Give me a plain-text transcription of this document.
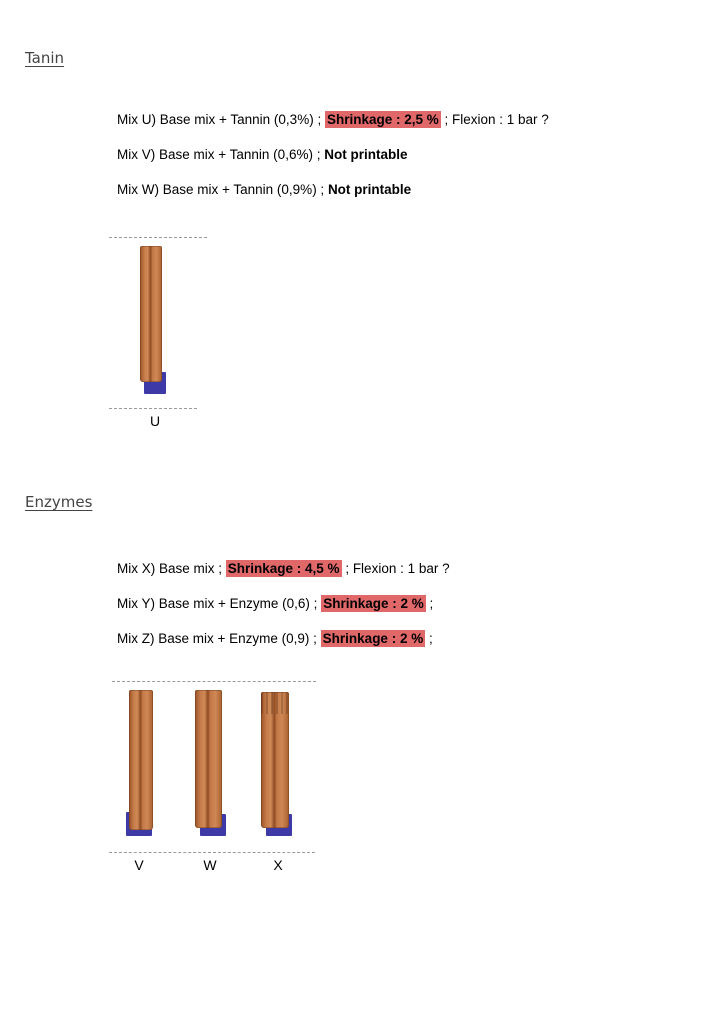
Tanin
Mix U) Base mix + Tannin (0,3%) ; Shrinkage : 2,5 % ; Flexion : 1 bar ?
Mix V) Base mix + Tannin (0,6%) ; Not printable
Mix W) Base mix + Tannin (0,9%) ; Not printable
U
Enzymes
Mix X) Base mix ; Shrinkage : 4,5 % ; Flexion : 1 bar ?
Mix Y) Base mix + Enzyme (0,6) ; Shrinkage : 2 % ;
Mix Z) Base mix + Enzyme (0,9) ; Shrinkage : 2 % ;
V	W	X
